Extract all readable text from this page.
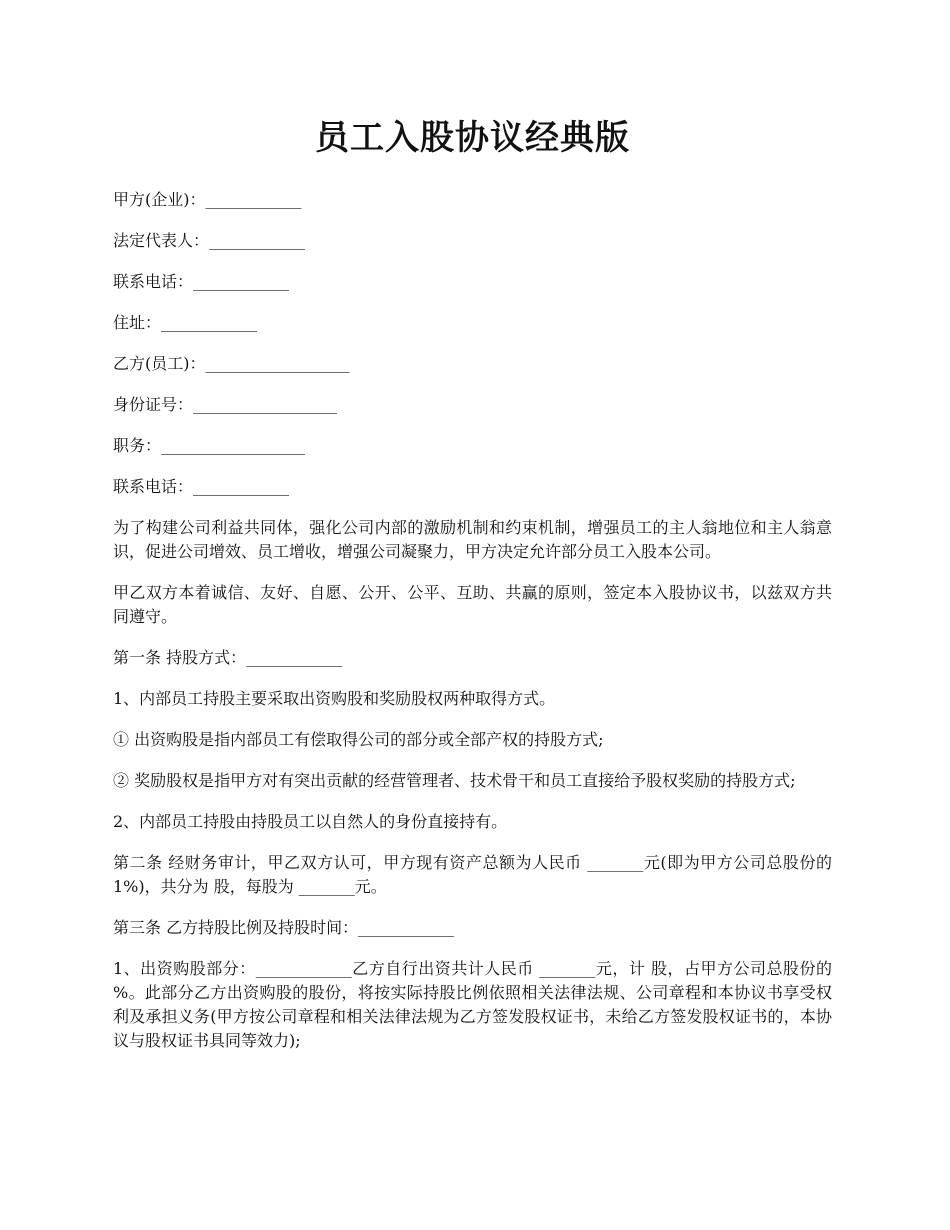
员工入股协议经典版
甲方(企业)：____________
法定代表人：____________
联系电话：____________
住址：____________
乙方(员工)：__________________
身份证号：__________________
职务：__________________
联系电话：____________
为了构建公司利益共同体，强化公司内部的激励机制和约束机制，增强员工的主人翁地位和主人翁意识，促进公司增效、员工增收，增强公司凝聚力，甲方决定允许部分员工入股本公司。
甲乙双方本着诚信、友好、自愿、公开、公平、互助、共赢的原则，签定本入股协议书，以兹双方共同遵守。
第一条 持股方式：____________
1、内部员工持股主要采取出资购股和奖励股权两种取得方式。
① 出资购股是指内部员工有偿取得公司的部分或全部产权的持股方式;
② 奖励股权是指甲方对有突出贡献的经营管理者、技术骨干和员工直接给予股权奖励的持股方式;
2、内部员工持股由持股员工以自然人的身份直接持有。
第二条 经财务审计，甲乙双方认可，甲方现有资产总额为人民币 _______元(即为甲方公司总股份的 1%)，共分为 股，每股为 _______元。
第三条 乙方持股比例及持股时间：____________
1、出资购股部分：____________乙方自行出资共计人民币 _______元，计 股，占甲方公司总股份的 %。此部分乙方出资购股的股份，将按实际持股比例依照相关法律法规、公司章程和本协议书享受权利及承担义务(甲方按公司章程和相关法律法规为乙方签发股权证书，未给乙方签发股权证书的，本协议与股权证书具同等效力);
